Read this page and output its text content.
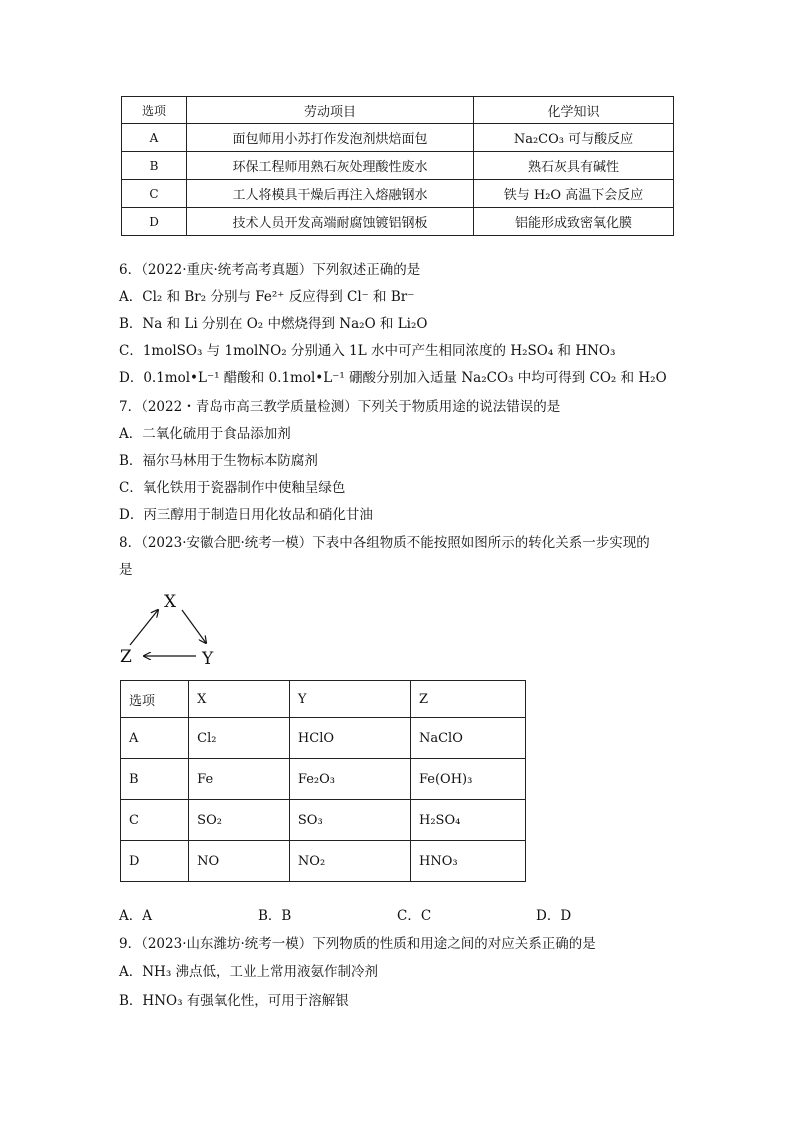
选项	劳动项目	化学知识
A	面包师用小苏打作发泡剂烘焙面包	Na₂CO₃ 可与酸反应
B	环保工程师用熟石灰处理酸性废水	熟石灰具有碱性
C	工人将模具干燥后再注入熔融钢水	铁与 H₂O 高温下会反应
D	技术人员开发高端耐腐蚀镀铝钢板	铝能形成致密氧化膜
6．（2022·重庆·统考高考真题）下列叙述正确的是
A．Cl₂ 和 Br₂ 分别与 Fe²⁺ 反应得到 Cl⁻ 和 Br⁻
B．Na 和 Li 分别在 O₂ 中燃烧得到 Na₂O 和 Li₂O
C．1molSO₃ 与 1molNO₂ 分别通入 1L 水中可产生相同浓度的 H₂SO₄ 和 HNO₃
D．0.1mol•L⁻¹ 醋酸和 0.1mol•L⁻¹ 硼酸分别加入适量 Na₂CO₃ 中均可得到 CO₂ 和 H₂O
7．（2022・青岛市高三教学质量检测）下列关于物质用途的说法错误的是
A．二氧化硫用于食品添加剂
B．福尔马林用于生物标本防腐剂
C．氧化铁用于瓷器制作中使釉呈绿色
D．丙三醇用于制造日用化妆品和硝化甘油
8．（2023·安徽合肥·统考一模）下表中各组物质不能按照如图所示的转化关系一步实现的
是
X
Y
Z
选项	X	Y	Z
A	Cl₂	HClO	NaClO
B	Fe	Fe₂O₃	Fe(OH)₃
C	SO₂	SO₃	H₂SO₄
D	NO	NO₂	HNO₃
A．A	B．B	C．C	D．D
9．（2023·山东潍坊·统考一模）下列物质的性质和用途之间的对应关系正确的是
A．NH₃ 沸点低，工业上常用液氨作制冷剂
B．HNO₃ 有强氧化性，可用于溶解银
